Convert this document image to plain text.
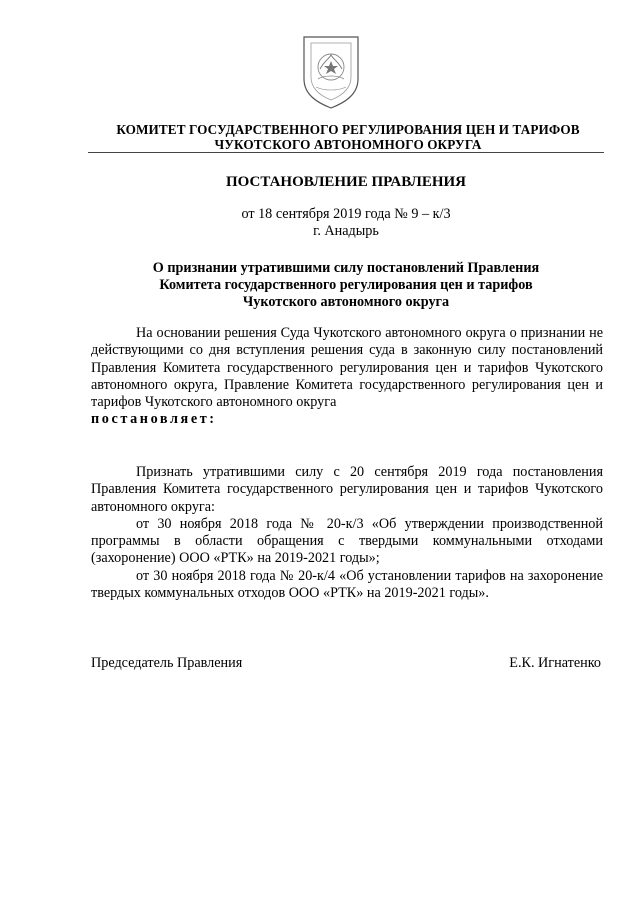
КОМИТЕТ ГОСУДАРСТВЕННОГО РЕГУЛИРОВАНИЯ ЦЕН И ТАРИФОВ
ЧУКОТСКОГО АВТОНОМНОГО ОКРУГА
ПОСТАНОВЛЕНИЕ ПРАВЛЕНИЯ
от 18 сентября 2019 года № 9 – к/3
г. Анадырь
О признании утратившими силу постановлений Правления
Комитета государственного регулирования цен и тарифов
Чукотского автономного округа

На основании решения Суда Чукотского автономного округа о признании не действующими со дня вступления решения суда в законную силу постановлений Правления Комитета государственного регулирования цен и тарифов Чукотского автономного округа, Правление Комитета государственного регулирования цен и тарифов Чукотского автономного округа

постановляет:

Признать утратившими силу с 20 сентября 2019 года постановления Правления Комитета государственного регулирования цен и тарифов Чукотского автономного округа:

от 30 ноября 2018 года № 20-к/3 «Об утверждении производственной программы в области обращения с твердыми коммунальными отходами (захоронение) ООО «РТК» на 2019-2021 годы»;

от 30 ноября 2018 года № 20-к/4 «Об установлении тарифов на захоронение твердых коммунальных отходов ООО «РТК» на 2019-2021 годы».

Председатель Правления	Е.К. Игнатенко
